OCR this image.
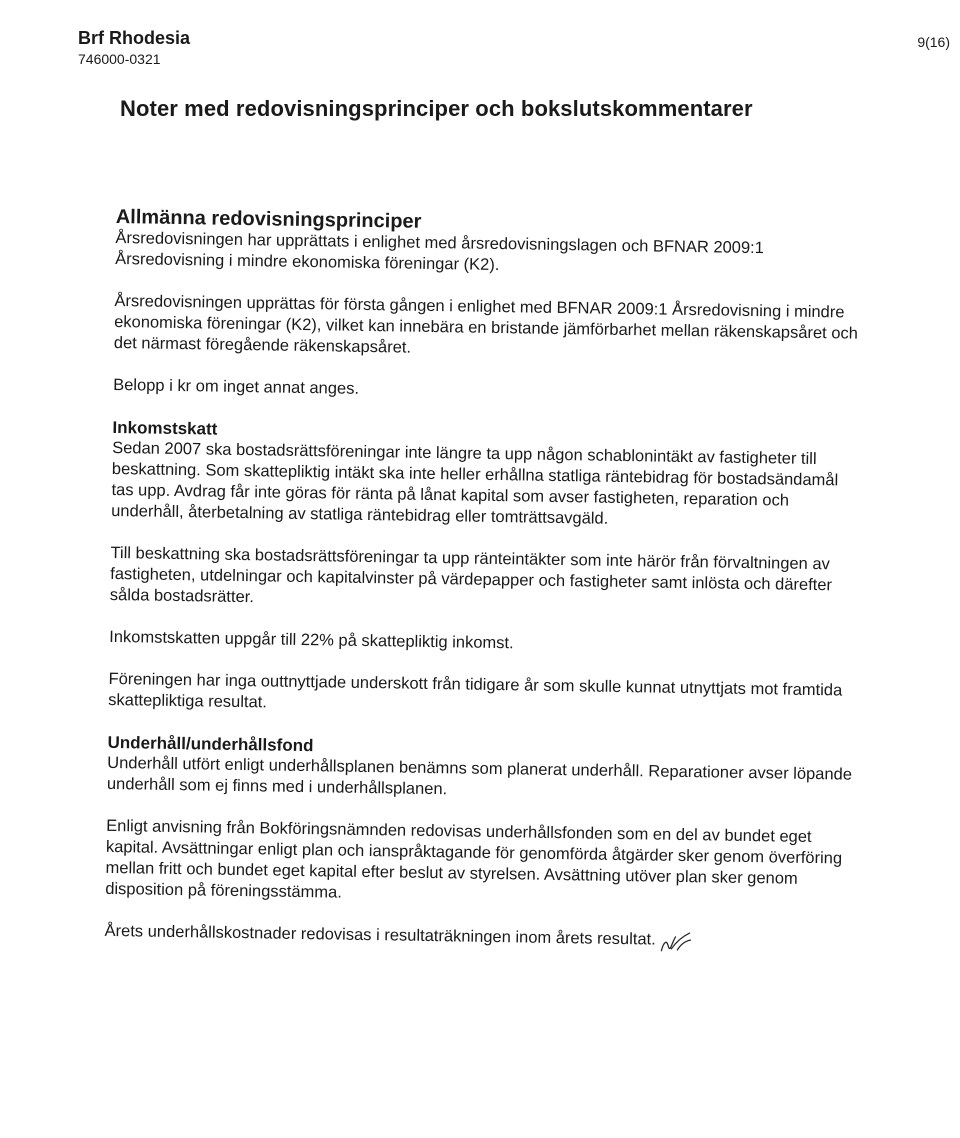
Brf Rhodesia

746000-0321

9(16)

Noter med redovisningsprinciper och bokslutskommentarer
Allmänna redovisningsprinciper

Årsredovisningen har upprättats i enlighet med årsredovisningslagen och BFNAR 2009:1
Årsredovisning i mindre ekonomiska föreningar (K2).

Årsredovisningen upprättas för första gången i enlighet med BFNAR 2009:1 Årsredovisning i mindre
ekonomiska föreningar (K2), vilket kan innebära en bristande jämförbarhet mellan räkenskapsåret och
det närmast föregående räkenskapsåret.

Belopp i kr om inget annat anges.

Inkomstskatt

Sedan 2007 ska bostadsrättsföreningar inte längre ta upp någon schablonintäkt av fastigheter till
beskattning. Som skattepliktig intäkt ska inte heller erhållna statliga räntebidrag för bostadsändamål
tas upp. Avdrag får inte göras för ränta på lånat kapital som avser fastigheten, reparation och
underhåll, återbetalning av statliga räntebidrag eller tomträttsavgäld.

Till beskattning ska bostadsrättsföreningar ta upp ränteintäkter som inte härör från förvaltningen av
fastigheten, utdelningar och kapitalvinster på värdepapper och fastigheter samt inlösta och därefter
sålda bostadsrätter.

Inkomstskatten uppgår till 22% på skattepliktig inkomst.

Föreningen har inga outtnyttjade underskott från tidigare år som skulle kunnat utnyttjats mot framtida
skattepliktiga resultat.

Underhåll/underhållsfond

Underhåll utfört enligt underhållsplanen benämns som planerat underhåll. Reparationer avser löpande
underhåll som ej finns med i underhållsplanen.

Enligt anvisning från Bokföringsnämnden redovisas underhållsfonden som en del av bundet eget
kapital. Avsättningar enligt plan och ianspråktagande för genomförda åtgärder sker genom överföring
mellan fritt och bundet eget kapital efter beslut av styrelsen. Avsättning utöver plan sker genom
disposition på föreningsstämma.

Årets underhållskostnader redovisas i resultaträkningen inom årets resultat.
